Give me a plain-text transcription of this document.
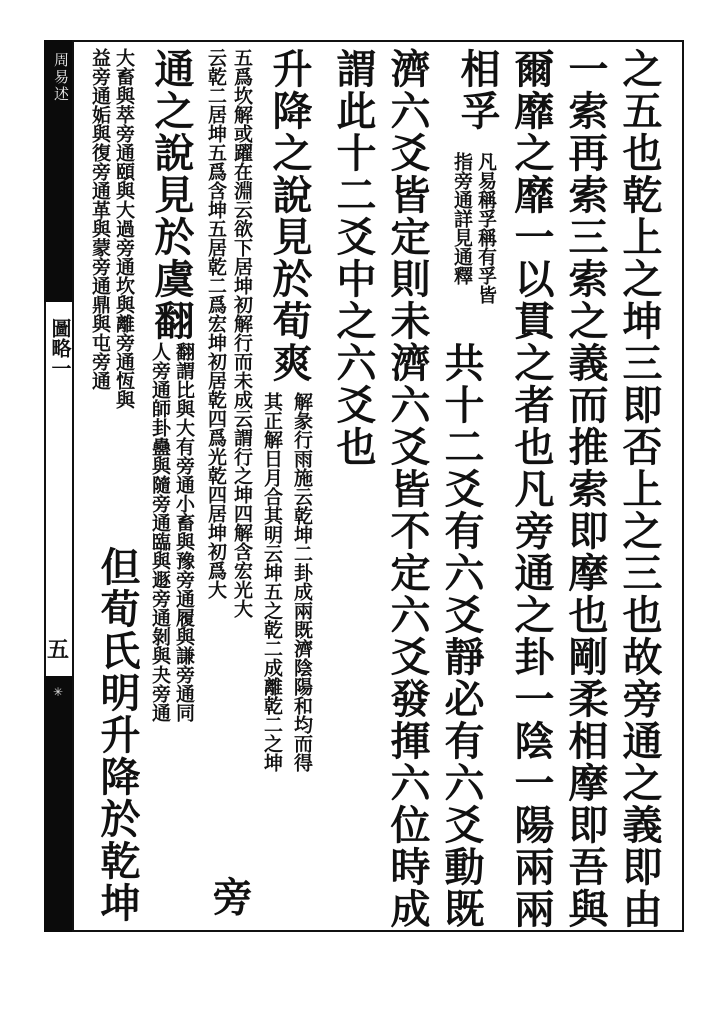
周易述
圖略一
五
✳	之五也乾上之坤三即否上之三也故旁通之義即由
一索再索三索之義而推索即摩也剛柔相摩即吾與
爾靡之靡一以貫之者也凡旁通之卦一陰一陽兩兩
相孚
凡易稱孚稱有孚皆
指旁通詳見通釋
共十二爻有六爻靜必有六爻動既
濟六爻皆定則未濟六爻皆不定六爻發揮六位時成
謂此十二爻中之六爻也
升降之說見於荀爽
解彖行雨施云乾坤二卦成兩既濟陰陽和均而得
其正解日月合其明云坤五之乾二成離乾二之坤
五爲坎解或躍在淵云欲下居坤初解行而未成云謂行之坤四解含宏光大
云乾二居坤五爲含坤五居乾二爲宏坤初居乾四爲光乾四居坤初爲大
通之說見於虞翻
翻謂比與大有旁通小畜與豫旁通履與謙旁通同
人旁通師卦蠱與隨旁通臨與遯旁通剝與夬旁通
旁
大畜與萃旁通頤與大過旁通坎與離旁通恆與
益旁通姤與復旁通革與蒙旁通鼎與屯旁通
但荀氏明升降於乾坤
